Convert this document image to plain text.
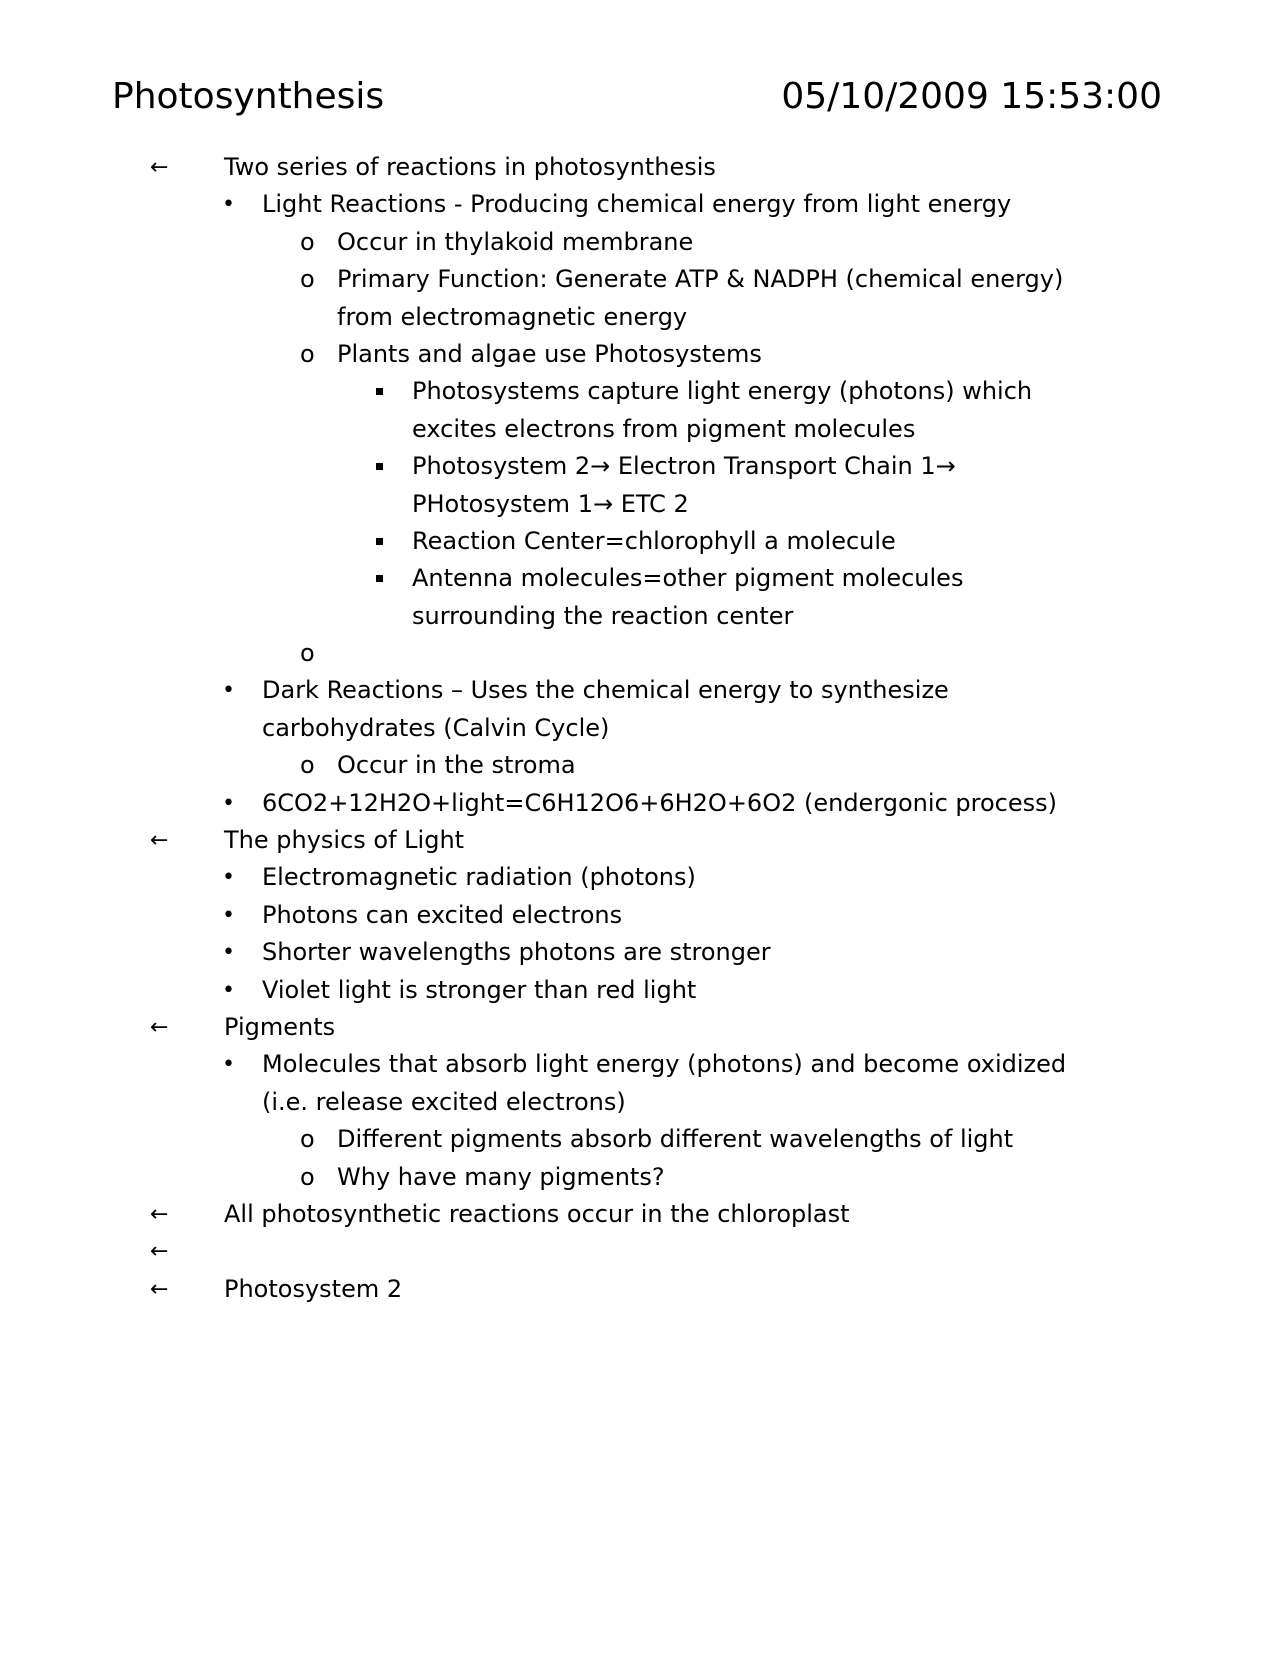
Photosynthesis	05/10/2009 15:53:00
← Two series of reactions in photosynthesis
• Light Reactions - Producing chemical energy from light energy
o Occur in thylakoid membrane
o Primary Function: Generate ATP & NADPH (chemical energy)
from electromagnetic energy
o Plants and algae use Photosystems
Photosystems capture light energy (photons) which
excites electrons from pigment molecules
Photosystem 2→ Electron Transport Chain 1→
PHotosystem 1→ ETC 2
Reaction Center=chlorophyll a molecule
Antenna molecules=other pigment molecules
surrounding the reaction center
o
• Dark Reactions – Uses the chemical energy to synthesize
carbohydrates (Calvin Cycle)
o Occur in the stroma
• 6CO2+12H2O+light=C6H12O6+6H2O+6O2 (endergonic process)
← The physics of Light
• Electromagnetic radiation (photons)
• Photons can excited electrons
• Shorter wavelengths photons are stronger
• Violet light is stronger than red light
← Pigments
• Molecules that absorb light energy (photons) and become oxidized
(i.e. release excited electrons)
o Different pigments absorb different wavelengths of light
o Why have many pigments?
← All photosynthetic reactions occur in the chloroplast
←
← Photosystem 2
